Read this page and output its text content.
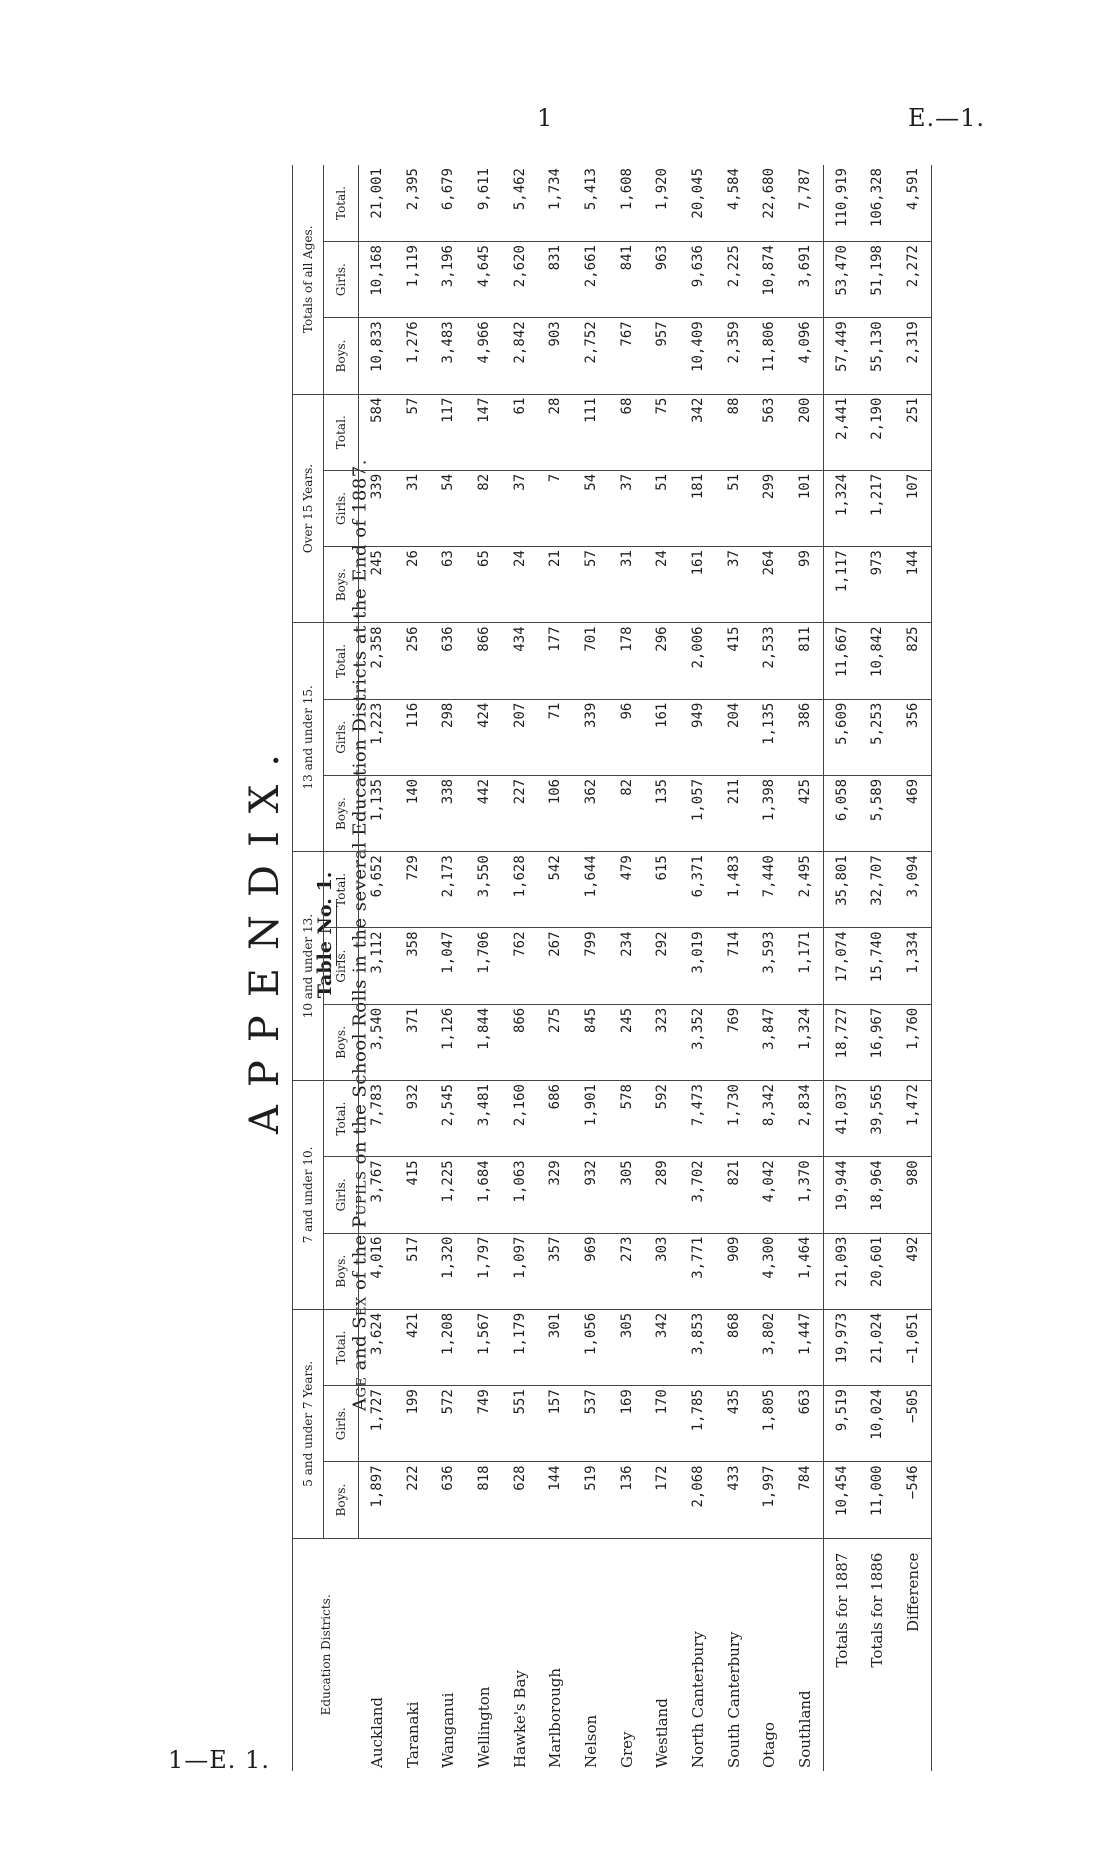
1	E.—1.
1—E. 1.
APPENDIX. Table No. 1.
Age and Sex of the Pupils on the School Rolls in the several Education Districts at the End of 1887.
Education Districts.	5 and under 7 Years.			7 and under 10.			10 and under 13.			13 and under 15.			Over 15 Years.			Totals of all Ages.		
	Boys.	Girls.	Total.	Boys.	Girls.	Total.	Boys.	Girls.	Total.	Boys.	Girls.	Total.	Boys.	Girls.	Total.	Boys.	Girls.	Total.
Auckland	1,897	1,727	3,624	4,016	3,767	7,783	3,540	3,112	6,652	1,135	1,223	2,358	245	339	584	10,833	10,168	21,001
Taranaki	222	199	421	517	415	932	371	358	729	140	116	256	26	31	57	1,276	1,119	2,395
Wanganui	636	572	1,208	1,320	1,225	2,545	1,126	1,047	2,173	338	298	636	63	54	117	3,483	3,196	6,679
Wellington	818	749	1,567	1,797	1,684	3,481	1,844	1,706	3,550	442	424	866	65	82	147	4,966	4,645	9,611
Hawke's Bay	628	551	1,179	1,097	1,063	2,160	866	762	1,628	227	207	434	24	37	61	2,842	2,620	5,462
Marlborough	144	157	301	357	329	686	275	267	542	106	71	177	21	7	28	903	831	1,734
Nelson	519	537	1,056	969	932	1,901	845	799	1,644	362	339	701	57	54	111	2,752	2,661	5,413
Grey	136	169	305	273	305	578	245	234	479	82	96	178	31	37	68	767	841	1,608
Westland	172	170	342	303	289	592	323	292	615	135	161	296	24	51	75	957	963	1,920
North Canterbury	2,068	1,785	3,853	3,771	3,702	7,473	3,352	3,019	6,371	1,057	949	2,006	161	181	342	10,409	9,636	20,045
South Canterbury	433	435	868	909	821	1,730	769	714	1,483	211	204	415	37	51	88	2,359	2,225	4,584
Otago	1,997	1,805	3,802	4,300	4,042	8,342	3,847	3,593	7,440	1,398	1,135	2,533	264	299	563	11,806	10,874	22,680
Southland	784	663	1,447	1,464	1,370	2,834	1,324	1,171	2,495	425	386	811	99	101	200	4,096	3,691	7,787
Totals for 1887	10,454	9,519	19,973	21,093	19,944	41,037	18,727	17,074	35,801	6,058	5,609	11,667	1,117	1,324	2,441	57,449	53,470	110,919
Totals for 1886	11,000	10,024	21,024	20,601	18,964	39,565	16,967	15,740	32,707	5,589	5,253	10,842	973	1,217	2,190	55,130	51,198	106,328
Difference	−546	−505	−1,051	492	980	1,472	1,760	1,334	3,094	469	356	825	144	107	251	2,319	2,272	4,591
